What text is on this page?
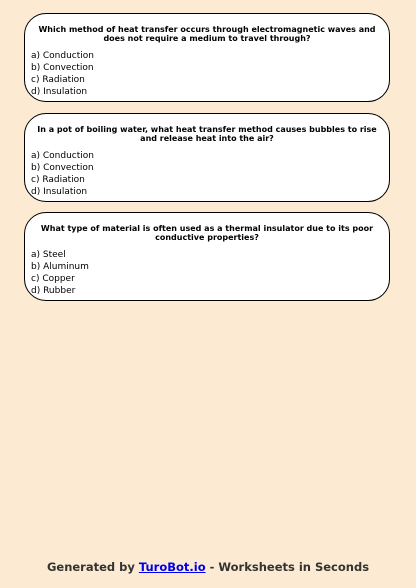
Which method of heat transfer occurs through electromagnetic waves and does not require a medium to travel through?
a) Conduction
b) Convection
c) Radiation
d) Insulation
In a pot of boiling water, what heat transfer method causes bubbles to rise and release heat into the air?
a) Conduction
b) Convection
c) Radiation
d) Insulation
What type of material is often used as a thermal insulator due to its poor conductive properties?
a) Steel
b) Aluminum
c) Copper
d) Rubber
Generated by TuroBot.io - Worksheets in Seconds
